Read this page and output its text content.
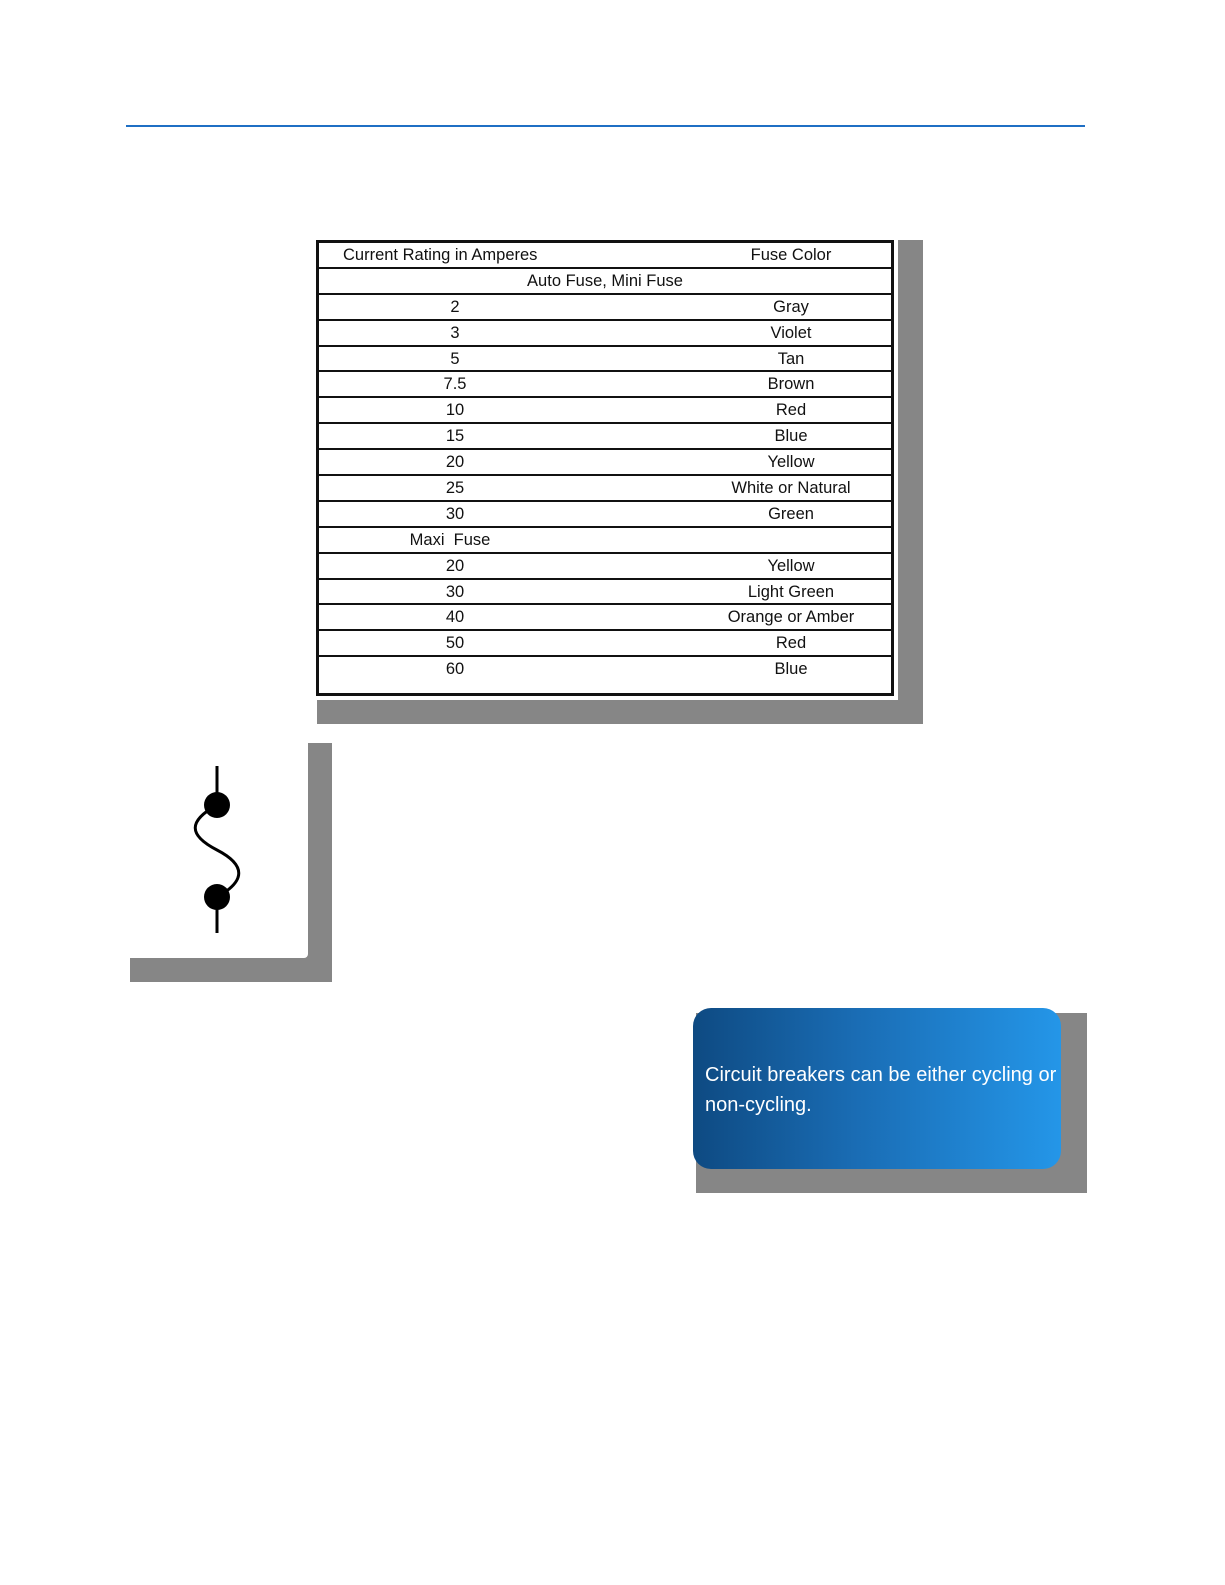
Current Rating in Amperes	Fuse Color
Auto Fuse, Mini Fuse
2	Gray
3	Violet
5	Tan
7.5	Brown
10	Red
15	Blue
20	Yellow
25	White or Natural
30	Green
Maxi  Fuse
20	Yellow
30	Light Green
40	Orange or Amber
50	Red
60	Blue

Circuit breakers can be either cycling or non-cycling.
